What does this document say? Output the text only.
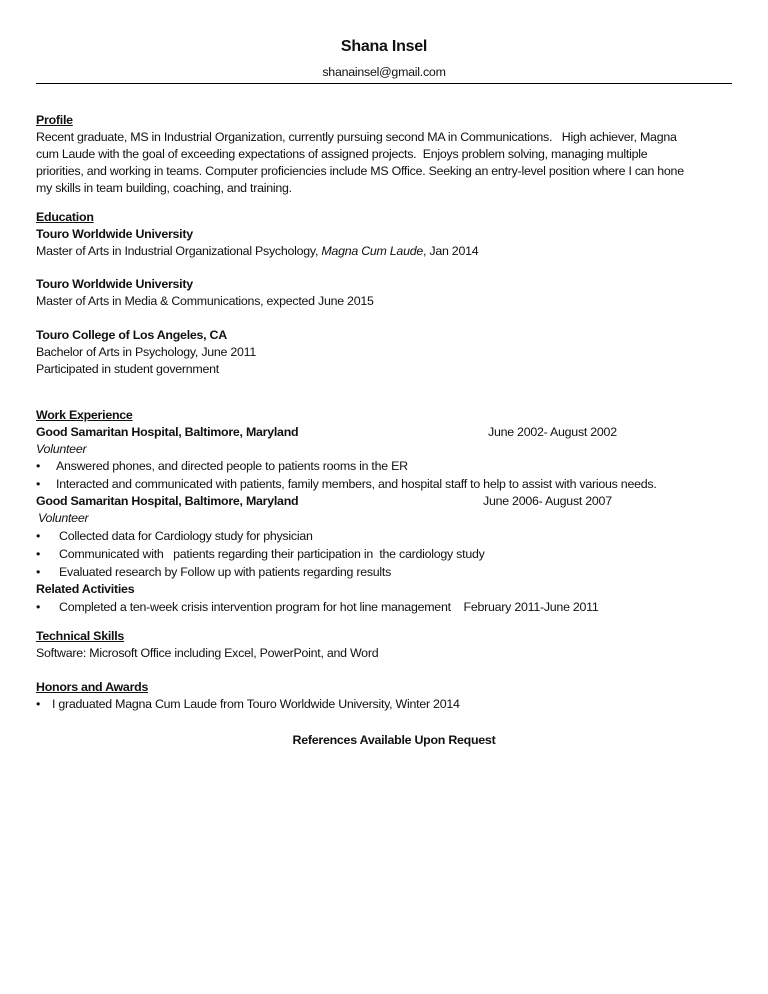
Shana Insel
shanainsel@gmail.com
Profile
Recent graduate, MS in Industrial Organization, currently pursuing second MA in Communications.   High achiever, Magna
cum Laude with the goal of exceeding expectations of assigned projects.  Enjoys problem solving, managing multiple
priorities, and working in teams. Computer proficiencies include MS Office. Seeking an entry-level position where I can hone
my skills in team building, coaching, and training.
Education
Touro Worldwide University
Master of Arts in Industrial Organizational Psychology, Magna Cum Laude, Jan 2014
Touro Worldwide University
Master of Arts in Media & Communications, expected June 2015
Touro College of Los Angeles, CA
Bachelor of Arts in Psychology, June 2011
Participated in student government
Work Experience
Good Samaritan Hospital, Baltimore, Maryland	June 2002- August 2002
Volunteer
• Answered phones, and directed people to patients rooms in the ER
• Interacted and communicated with patients, family members, and hospital staff to help to assist with various needs.
Good Samaritan Hospital, Baltimore, Maryland	June 2006- August 2007
Volunteer
• Collected data for Cardiology study for physician
• Communicated with   patients regarding their participation in  the cardiology study
• Evaluated research by Follow up with patients regarding results
Related Activities
• Completed a ten-week crisis intervention program for hot line management    February 2011-June 2011
Technical Skills
Software: Microsoft Office including Excel, PowerPoint, and Word
Honors and Awards
• I graduated Magna Cum Laude from Touro Worldwide University, Winter 2014
References Available Upon Request
